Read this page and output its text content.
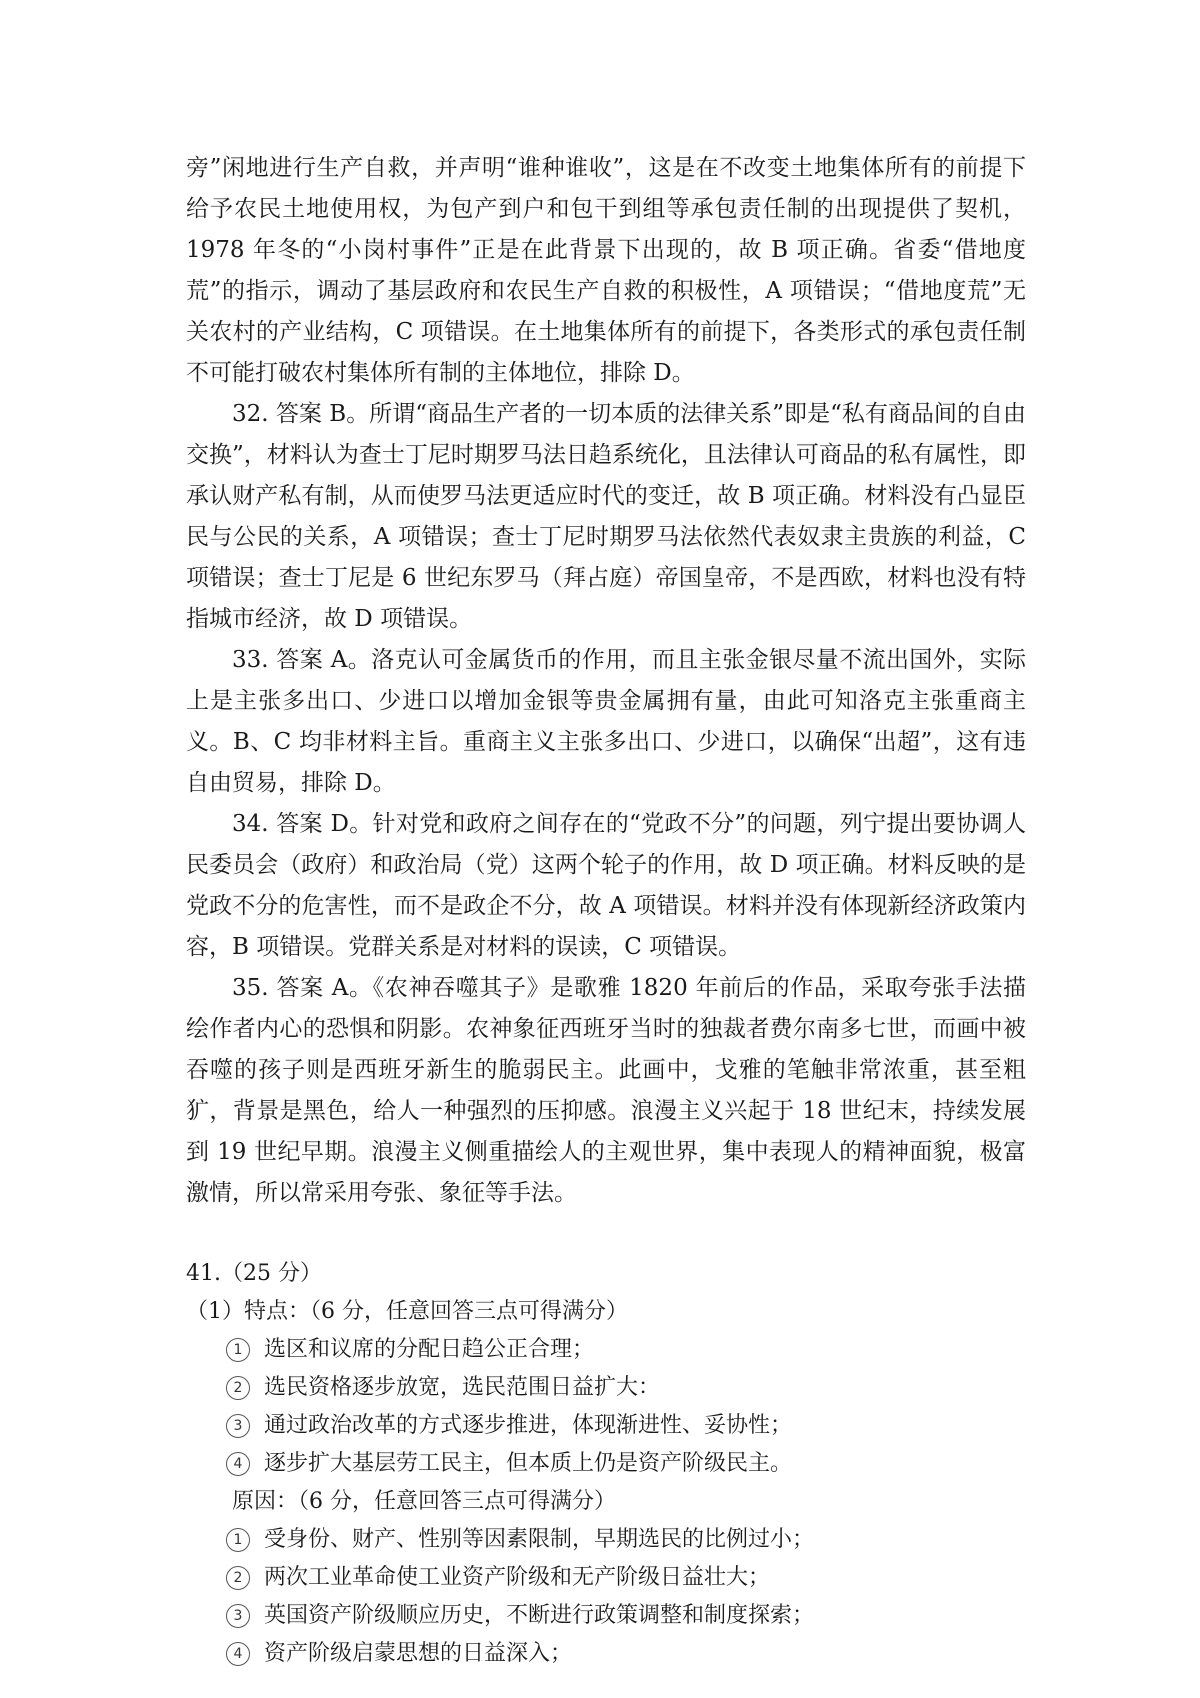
旁”闲地进行生产自救，并声明“谁种谁收”，这是在不改变土地集体所有的前提下给予农民土地使用权，为包产到户和包干到组等承包责任制的出现提供了契机，1978 年冬的“小岗村事件”正是在此背景下出现的，故 B 项正确。省委“借地度荒”的指示，调动了基层政府和农民生产自救的积极性，A 项错误；“借地度荒”无关农村的产业结构，C 项错误。在土地集体所有的前提下，各类形式的承包责任制不可能打破农村集体所有制的主体地位，排除 D。

32. 答案 B。所谓“商品生产者的一切本质的法律关系”即是“私有商品间的自由交换”，材料认为查士丁尼时期罗马法日趋系统化，且法律认可商品的私有属性，即承认财产私有制，从而使罗马法更适应时代的变迁，故 B 项正确。材料没有凸显臣民与公民的关系，A 项错误；查士丁尼时期罗马法依然代表奴隶主贵族的利益，C 项错误；查士丁尼是 6 世纪东罗马（拜占庭）帝国皇帝，不是西欧，材料也没有特指城市经济，故 D 项错误。

33. 答案 A。洛克认可金属货币的作用，而且主张金银尽量不流出国外，实际上是主张多出口、少进口以增加金银等贵金属拥有量，由此可知洛克主张重商主义。B、C 均非材料主旨。重商主义主张多出口、少进口，以确保“出超”，这有违自由贸易，排除 D。

34. 答案 D。针对党和政府之间存在的“党政不分”的问题，列宁提出要协调人民委员会（政府）和政治局（党）这两个轮子的作用，故 D 项正确。材料反映的是党政不分的危害性，而不是政企不分，故 A 项错误。材料并没有体现新经济政策内容，B 项错误。党群关系是对材料的误读，C 项错误。

35. 答案 A。《农神吞噬其子》是歌雅 1820 年前后的作品，采取夸张手法描绘作者内心的恐惧和阴影。农神象征西班牙当时的独裁者费尔南多七世，而画中被吞噬的孩子则是西班牙新生的脆弱民主。此画中，戈雅的笔触非常浓重，甚至粗犷，背景是黑色，给人一种强烈的压抑感。浪漫主义兴起于 18 世纪末，持续发展到 19 世纪早期。浪漫主义侧重描绘人的主观世界，集中表现人的精神面貌，极富激情，所以常采用夸张、象征等手法。

41.（25 分）

（1）特点：（6 分，任意回答三点可得满分）

1 选区和议席的分配日趋公正合理；
2 选民资格逐步放宽，选民范围日益扩大：
3 通过政治改革的方式逐步推进，体现渐进性、妥协性；
4 逐步扩大基层劳工民主，但本质上仍是资产阶级民主。

原因：（6 分，任意回答三点可得满分）

1 受身份、财产、性别等因素限制，早期选民的比例过小；
2 两次工业革命使工业资产阶级和无产阶级日益壮大；
3 英国资产阶级顺应历史，不断进行政策调整和制度探索；
4 资产阶级启蒙思想的日益深入；
